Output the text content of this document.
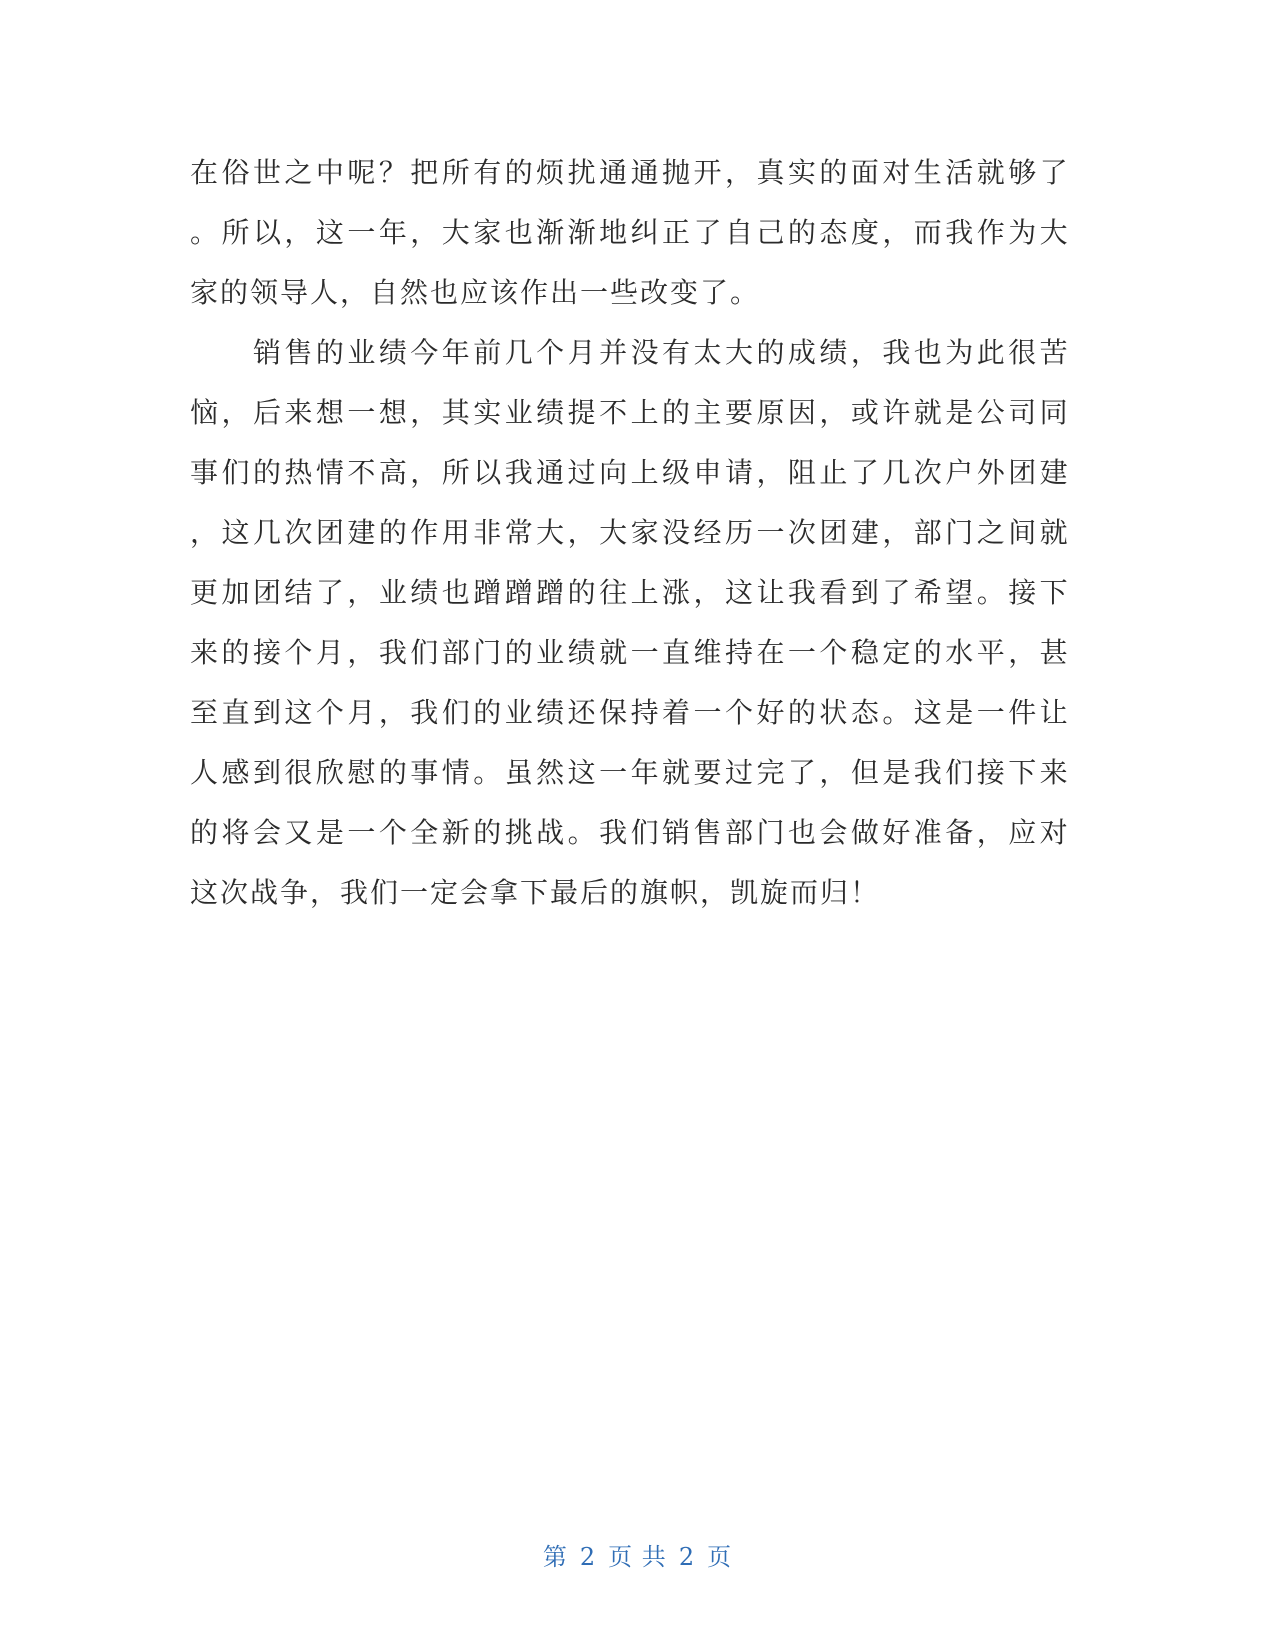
在 俗 世 之 中 呢 ？ 把 所 有 的 烦 扰 通 通 抛 开 ， 真 实 的 面 对 生 活 就 够 了
。 所 以 ， 这 一 年 ， 大 家 也 渐 渐 地 纠 正 了 自 己 的 态 度 ， 而 我 作 为 大
家的领导人，自然也应该作出一些改变了。

销 售 的 业 绩 今 年 前 几 个 月 并 没 有 太 大 的 成 绩 ， 我 也 为 此 很 苦
恼 ， 后 来 想 一 想 ， 其 实 业 绩 提 不 上 的 主 要 原 因 ， 或 许 就 是 公 司 同
事 们 的 热 情 不 高 ， 所 以 我 通 过 向 上 级 申 请 ， 阻 止 了 几 次 户 外 团 建
， 这 几 次 团 建 的 作 用 非 常 大 ， 大 家 没 经 历 一 次 团 建 ， 部 门 之 间 就
更 加 团 结 了 ， 业 绩 也 蹭 蹭 蹭 的 往 上 涨 ， 这 让 我 看 到 了 希 望 。 接 下
来 的 接 个 月 ， 我 们 部 门 的 业 绩 就 一 直 维 持 在 一 个 稳 定 的 水 平 ， 甚
至 直 到 这 个 月 ， 我 们 的 业 绩 还 保 持 着 一 个 好 的 状 态 。 这 是 一 件 让
人 感 到 很 欣 慰 的 事 情 。 虽 然 这 一 年 就 要 过 完 了 ， 但 是 我 们 接 下 来
的 将 会 又 是 一 个 全 新 的 挑 战 。 我 们 销 售 部 门 也 会 做 好 准 备 ， 应 对
这次战争，我们一定会拿下最后的旗帜，凯旋而归！
第 2 页 共 2 页
